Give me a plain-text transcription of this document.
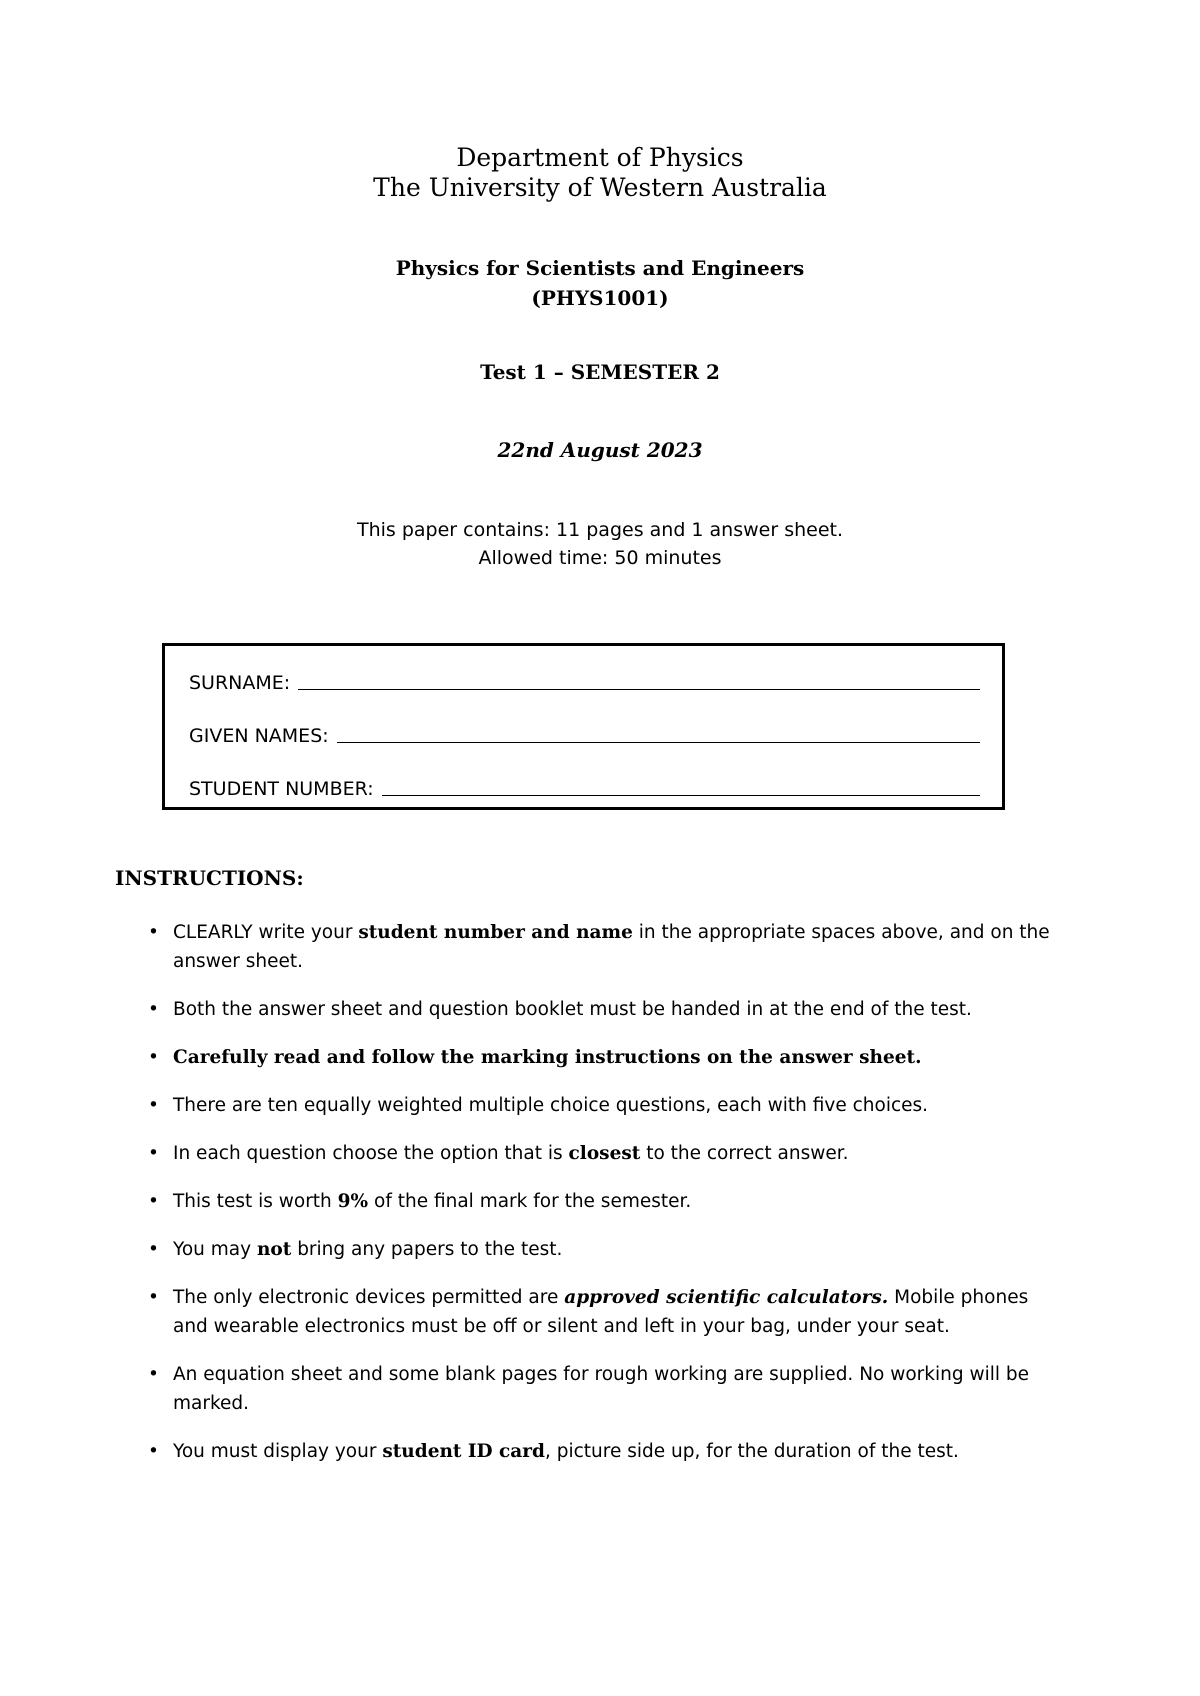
Department of Physics
The University of Western Australia
Physics for Scientists and Engineers
(PHYS1001)
Test 1 – SEMESTER 2
22nd August 2023
This paper contains: 11 pages and 1 answer sheet.
Allowed time: 50 minutes
SURNAME:
GIVEN NAMES:
STUDENT NUMBER:
INSTRUCTIONS:
• CLEARLY write your student number and name in the appropriate spaces above, and on the answer sheet.
• Both the answer sheet and question booklet must be handed in at the end of the test.
• Carefully read and follow the marking instructions on the answer sheet.
• There are ten equally weighted multiple choice questions, each with five choices.
• In each question choose the option that is closest to the correct answer.
• This test is worth 9% of the final mark for the semester.
• You may not bring any papers to the test.
• The only electronic devices permitted are approved scientific calculators. Mobile phones and wearable electronics must be off or silent and left in your bag, under your seat.
• An equation sheet and some blank pages for rough working are supplied. No working will be marked.
• You must display your student ID card, picture side up, for the duration of the test.
